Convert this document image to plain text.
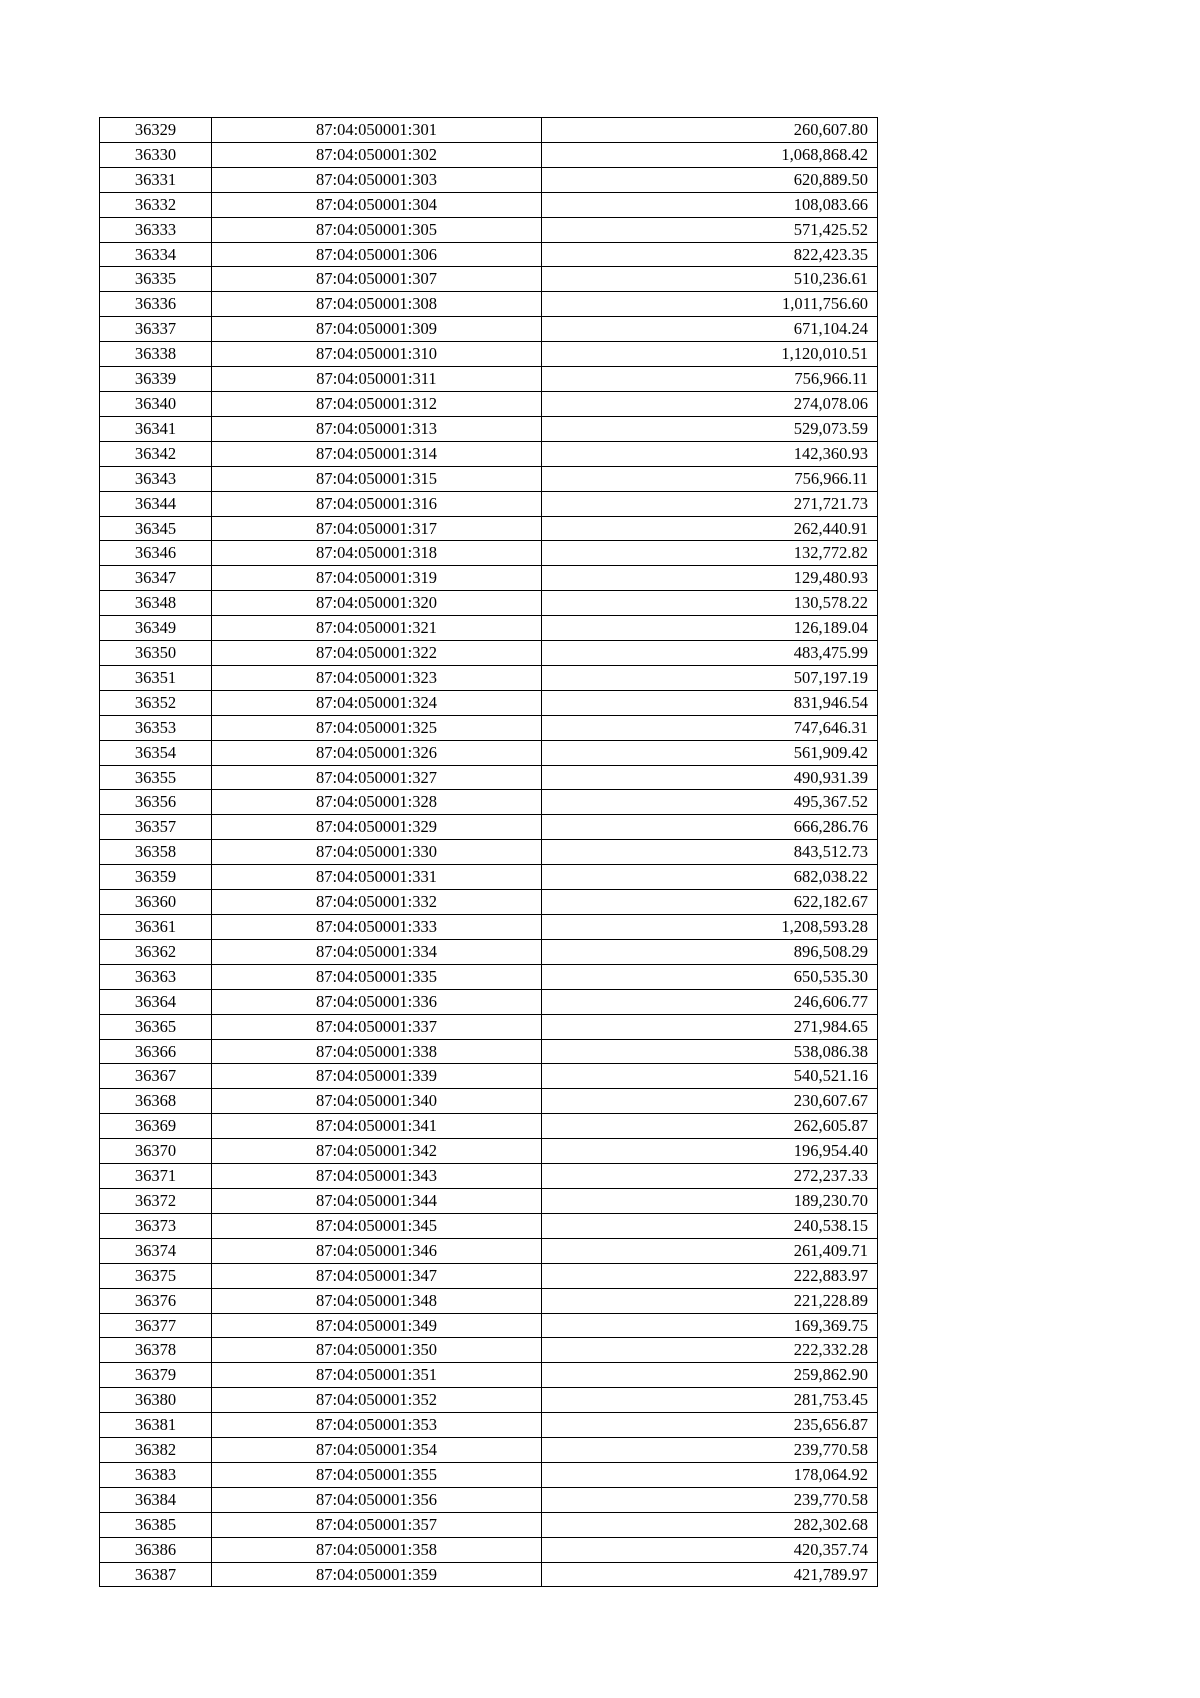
36329	87:04:050001:301	260,607.80
36330	87:04:050001:302	1,068,868.42
36331	87:04:050001:303	620,889.50
36332	87:04:050001:304	108,083.66
36333	87:04:050001:305	571,425.52
36334	87:04:050001:306	822,423.35
36335	87:04:050001:307	510,236.61
36336	87:04:050001:308	1,011,756.60
36337	87:04:050001:309	671,104.24
36338	87:04:050001:310	1,120,010.51
36339	87:04:050001:311	756,966.11
36340	87:04:050001:312	274,078.06
36341	87:04:050001:313	529,073.59
36342	87:04:050001:314	142,360.93
36343	87:04:050001:315	756,966.11
36344	87:04:050001:316	271,721.73
36345	87:04:050001:317	262,440.91
36346	87:04:050001:318	132,772.82
36347	87:04:050001:319	129,480.93
36348	87:04:050001:320	130,578.22
36349	87:04:050001:321	126,189.04
36350	87:04:050001:322	483,475.99
36351	87:04:050001:323	507,197.19
36352	87:04:050001:324	831,946.54
36353	87:04:050001:325	747,646.31
36354	87:04:050001:326	561,909.42
36355	87:04:050001:327	490,931.39
36356	87:04:050001:328	495,367.52
36357	87:04:050001:329	666,286.76
36358	87:04:050001:330	843,512.73
36359	87:04:050001:331	682,038.22
36360	87:04:050001:332	622,182.67
36361	87:04:050001:333	1,208,593.28
36362	87:04:050001:334	896,508.29
36363	87:04:050001:335	650,535.30
36364	87:04:050001:336	246,606.77
36365	87:04:050001:337	271,984.65
36366	87:04:050001:338	538,086.38
36367	87:04:050001:339	540,521.16
36368	87:04:050001:340	230,607.67
36369	87:04:050001:341	262,605.87
36370	87:04:050001:342	196,954.40
36371	87:04:050001:343	272,237.33
36372	87:04:050001:344	189,230.70
36373	87:04:050001:345	240,538.15
36374	87:04:050001:346	261,409.71
36375	87:04:050001:347	222,883.97
36376	87:04:050001:348	221,228.89
36377	87:04:050001:349	169,369.75
36378	87:04:050001:350	222,332.28
36379	87:04:050001:351	259,862.90
36380	87:04:050001:352	281,753.45
36381	87:04:050001:353	235,656.87
36382	87:04:050001:354	239,770.58
36383	87:04:050001:355	178,064.92
36384	87:04:050001:356	239,770.58
36385	87:04:050001:357	282,302.68
36386	87:04:050001:358	420,357.74
36387	87:04:050001:359	421,789.97
